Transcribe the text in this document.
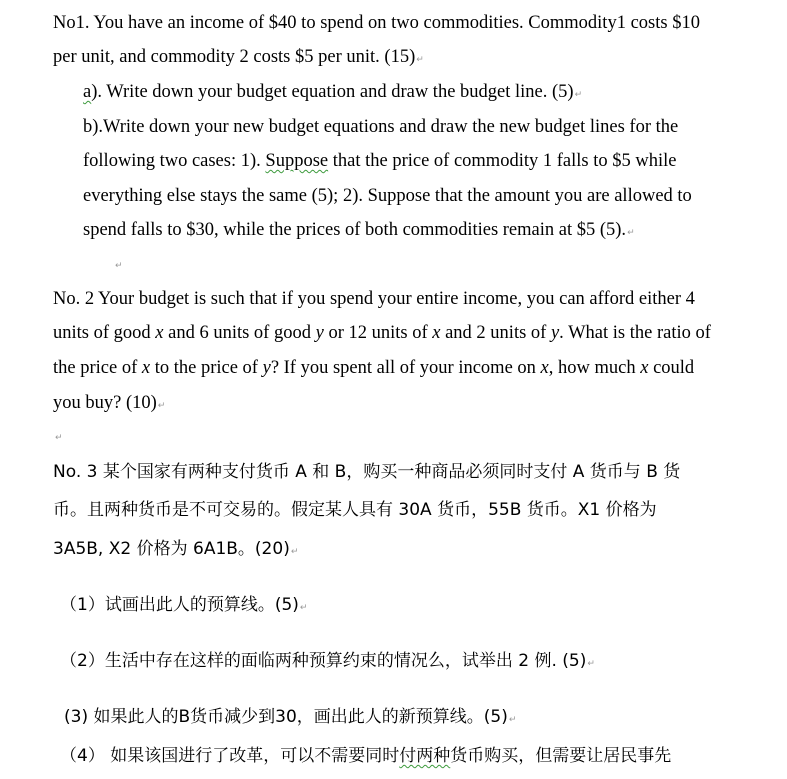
No1. You have an income of $40 to spend on two commodities. Commodity1 costs $10
per unit, and commodity 2 costs $5 per unit. (15)↵
a). Write down your budget equation and draw the budget line. (5)↵
b).Write down your new budget equations and draw the new budget lines for the
following two cases: 1). Suppose that the price of commodity 1 falls to $5 while
everything else stays the same (5); 2). Suppose that the amount you are allowed to
spend falls to $30, while the prices of both commodities remain at $5 (5).↵
↵
No. 2 Your budget is such that if you spend your entire income, you can afford either 4
units of good x and 6 units of good y or 12 units of x and 2 units of y. What is the ratio of
the price of x to the price of y? If you spent all of your income on x, how much x could
you buy? (10)↵
↵
No. 3 某个国家有两种支付货币 A 和 B，购买一种商品必须同时支付 A 货币与 B 货
币。且两种货币是不可交易的。假定某人具有 30A 货币，55B 货币。X1 价格为
3A5B, X2 价格为 6A1B。(20)↵
（1）试画出此人的预算线。(5)↵
（2）生活中存在这样的面临两种预算约束的情况么，试举出 2 例. (5)↵
(3) 如果此人的B货币减少到30，画出此人的新预算线。(5)↵
（4） 如果该国进行了改革，可以不需要同时付两种货币购买，但需要让居民事先
